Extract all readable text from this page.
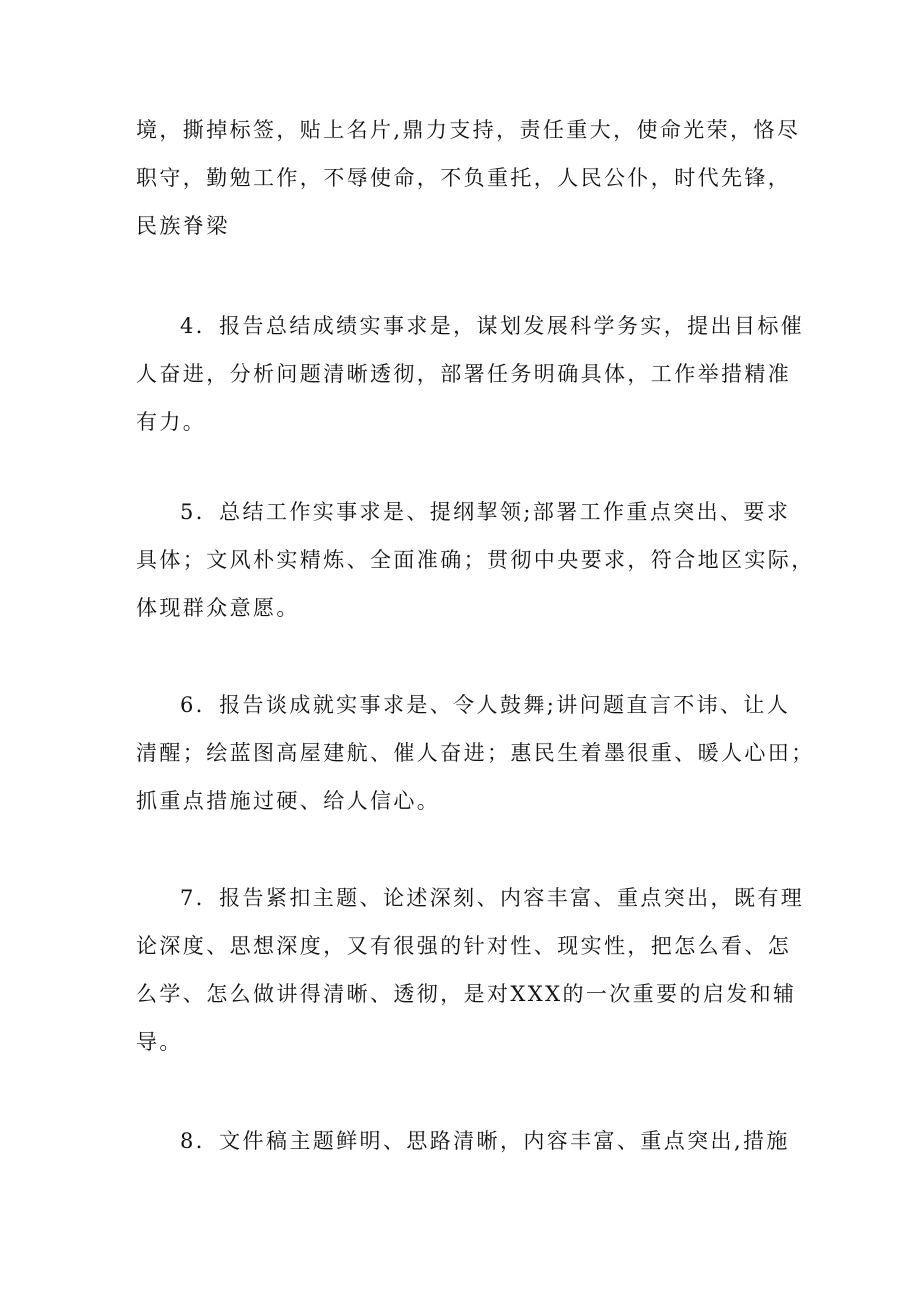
境，撕掉标签，贴上名片,鼎力支持，责任重大，使命光荣，恪尽
职守，勤勉工作，不辱使命，不负重托，人民公仆，时代先锋，
民族脊梁
4．报告总结成绩实事求是，谋划发展科学务实，提出目标催
人奋进，分析问题清晰透彻，部署任务明确具体，工作举措精准
有力。
5．总结工作实事求是、提纲挈领;部署工作重点突出、要求
具体；文风朴实精炼、全面准确；贯彻中央要求，符合地区实际，
体现群众意愿。
6．报告谈成就实事求是、令人鼓舞;讲问题直言不讳、让人
清醒；绘蓝图高屋建航、催人奋进；惠民生着墨很重、暖人心田；
抓重点措施过硬、给人信心。
7．报告紧扣主题、论述深刻、内容丰富、重点突出，既有理
论深度、思想深度，又有很强的针对性、现实性，把怎么看、怎
么学、怎么做讲得清晰、透彻，是对XXX的一次重要的启发和辅
导。
8．文件稿主题鲜明、思路清晰，内容丰富、重点突出,措施
